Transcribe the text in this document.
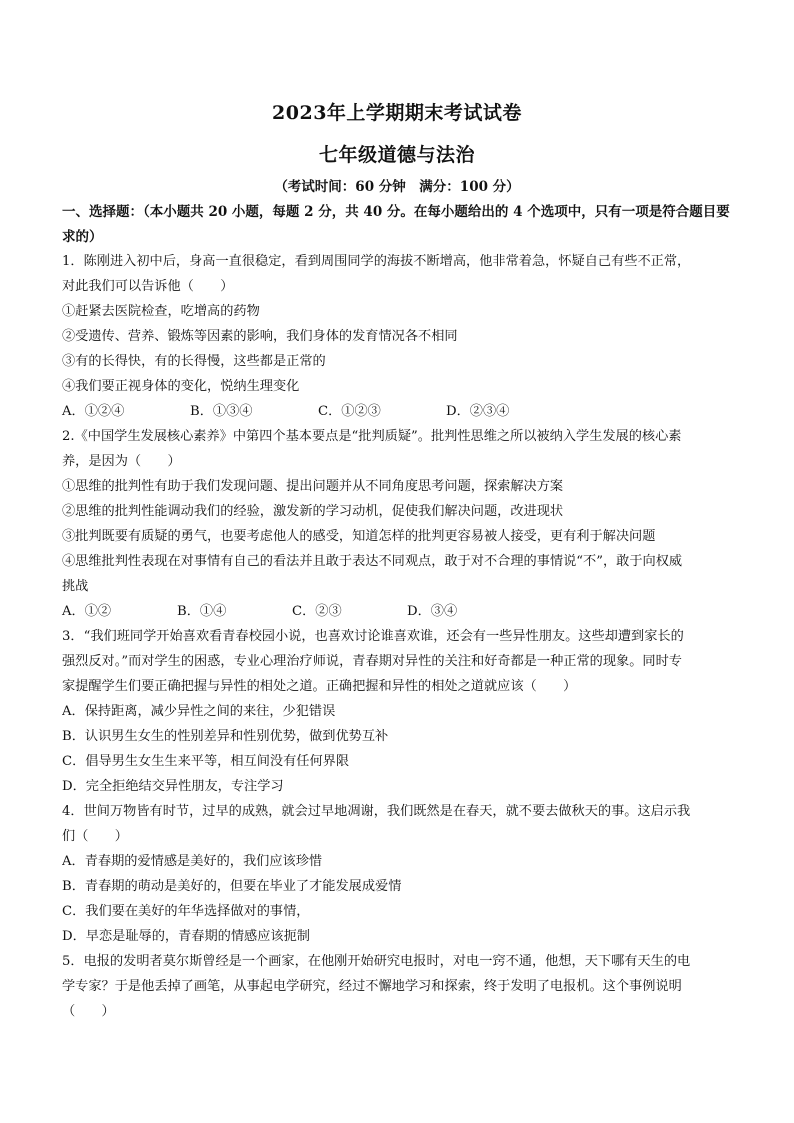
2023年上学期期末考试试卷
七年级道德与法治
（考试时间：60 分钟　满分：100 分）
一、选择题：（本小题共 20 小题，每题 2 分，共 40 分。在每小题给出的 4 个选项中，只有一项是符合题目要求的）
1．陈刚进入初中后，身高一直很稳定，看到周围同学的海拔不断增高，他非常着急，怀疑自己有些不正常，
对此我们可以告诉他（　　）
①赶紧去医院检查，吃增高的药物
②受遗传、营养、锻炼等因素的影响，我们身体的发育情况各不相同
③有的长得快，有的长得慢，这些都是正常的
④我们要正视身体的变化，悦纳生理变化
A．①②④	B．①③④	C．①②③	D．②③④
2.《中国学生发展核心素养》中第四个基本要点是“批判质疑”。批判性思维之所以被纳入学生发展的核心素
养，是因为（　　）
①思维的批判性有助于我们发现问题、提出问题并从不同角度思考问题，探索解决方案
②思维的批判性能调动我们的经验，激发新的学习动机，促使我们解决问题，改进现状
③批判既要有质疑的勇气，也要考虑他人的感受，知道怎样的批判更容易被人接受，更有利于解决问题
④思维批判性表现在对事情有自己的看法并且敢于表达不同观点，敢于对不合理的事情说“不”，敢于向权威
挑战
A．①②	B．①④	C．②③	D．③④
3．“我们班同学开始喜欢看青春校园小说，也喜欢讨论谁喜欢谁，还会有一些异性朋友。这些却遭到家长的
强烈反对。”而对学生的困惑，专业心理治疗师说，青春期对异性的关注和好奇都是一种正常的现象。同时专
家提醒学生们要正确把握与异性的相处之道。正确把握和异性的相处之道就应该（　　）
A．保持距离，减少异性之间的来往，少犯错误
B．认识男生女生的性别差异和性别优势，做到优势互补
C．倡导男生女生生来平等，相互间没有任何界限
D．完全拒绝结交异性朋友，专注学习
4．世间万物皆有时节，过早的成熟，就会过早地凋谢，我们既然是在春天，就不要去做秋天的事。这启示我
们（　　）
A．青春期的爱情感是美好的，我们应该珍惜
B．青春期的萌动是美好的，但要在毕业了才能发展成爱情
C．我们要在美好的年华选择做对的事情，
D．早恋是耻辱的，青春期的情感应该扼制
5．电报的发明者莫尔斯曾经是一个画家，在他刚开始研究电报时，对电一窍不通，他想，天下哪有天生的电
学专家？于是他丢掉了画笔，从事起电学研究，经过不懈地学习和探索，终于发明了电报机。这个事例说明
（　　）
